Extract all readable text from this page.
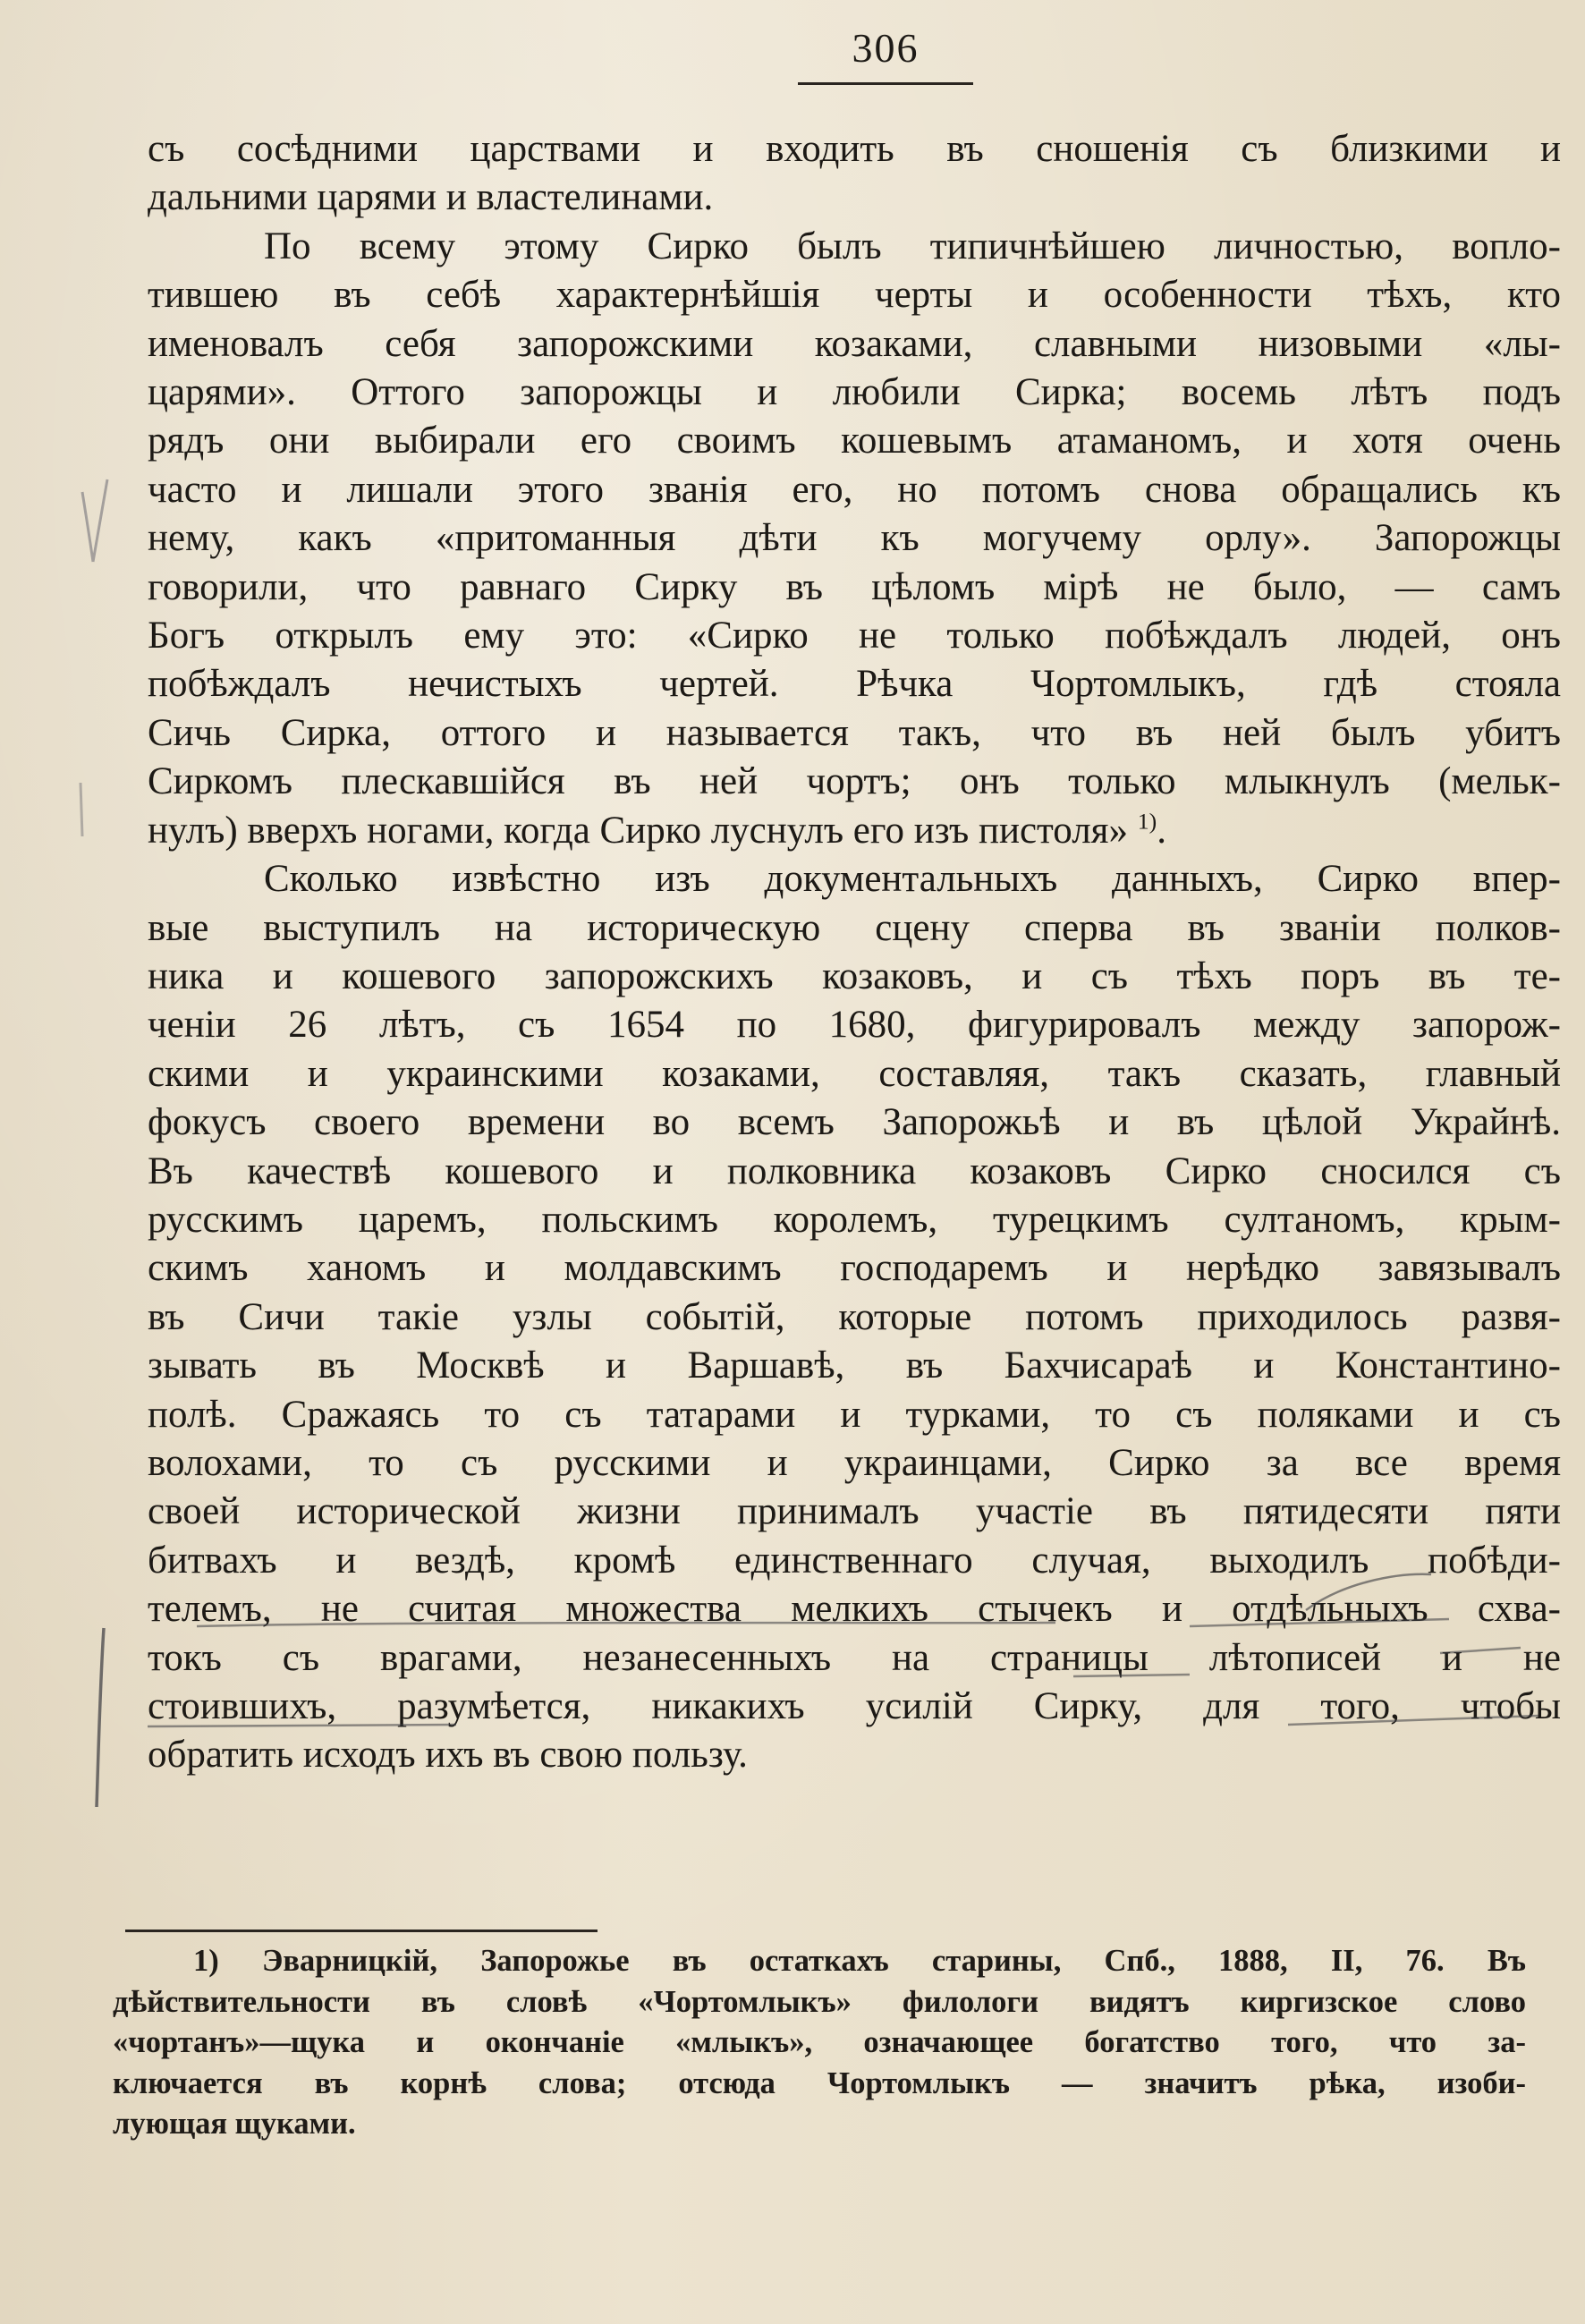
306
съ сосѣдними царствами и входить въ сношенія съ близкими и
дальними царями и властелинами.
По всему этому Сирко былъ типичнѣйшею личностью, вопло-
тившею въ себѣ характернѣйшія черты и особенности тѣхъ, кто
именовалъ себя запорожскими козаками, славными низовыми «лы-
царями». Оттого запорожцы и любили Сирка; восемь лѣтъ подъ
рядъ они выбирали его своимъ кошевымъ атаманомъ, и хотя очень
часто и лишали этого званія его, но потомъ снова обращались къ
нему, какъ «притоманныя дѣти къ могучему орлу». Запорожцы
говорили, что равнаго Сирку въ цѣломъ мірѣ не было, — самъ
Богъ открылъ ему это: «Сирко не только побѣждалъ людей, онъ
побѣждалъ нечистыхъ чертей. Рѣчка Чортомлыкъ, гдѣ стояла
Сичь Сирка, оттого и называется такъ, что въ ней былъ убитъ
Сиркомъ плескавшійся въ ней чортъ; онъ только млыкнулъ (мельк-
нулъ) вверхъ ногами, когда Сирко луснулъ его изъ пистоля» $^{1)}$.
Сколько извѣстно изъ документальныхъ данныхъ, Сирко впер-
вые выступилъ на историческую сцену сперва въ званіи полков-
ника и кошевого запорожскихъ козаковъ, и съ тѣхъ поръ въ те-
ченіи 26 лѣтъ, съ 1654 по 1680, фигурировалъ между запорож-
скими и украинскими козаками, составляя, такъ сказать, главный
фокусъ своего времени во всемъ Запорожьѣ и въ цѣлой Украйнѣ.
Въ качествѣ кошевого и полковника козаковъ Сирко сносился съ
русскимъ царемъ, польскимъ королемъ, турецкимъ султаномъ, крым-
скимъ ханомъ и молдавскимъ господаремъ и нерѣдко завязывалъ
въ Сичи такіе узлы событій, которые потомъ приходилось развя-
зывать въ Москвѣ и Варшавѣ, въ Бахчисараѣ и Константино-
полѣ. Сражаясь то съ татарами и турками, то съ поляками и съ
волохами, то съ русскими и украинцами, Сирко за все время
своей исторической жизни принималъ участіе въ пятидесяти пяти
битвахъ и вездѣ, кромѣ единственнаго случая, выходилъ побѣди-
телемъ, не считая множества мелкихъ стычекъ и отдѣльныхъ схва-
токъ съ врагами, незанесенныхъ на страницы лѣтописей и не
стоившихъ, разумѣется, никакихъ усилій Сирку, для того, чтобы
обратить исходъ ихъ въ свою пользу.
1) Эварницкій, Запорожье въ остаткахъ старины, Спб., 1888, II, 76. Въ
дѣйствительности въ словѣ «Чортомлыкъ» филологи видятъ киргизское слово
«чортанъ»—щука и окончаніе «млыкъ», означающее богатство того, что за-
ключается въ корнѣ слова; отсюда Чортомлыкъ — значитъ рѣка, изоби-
лующая щуками.
